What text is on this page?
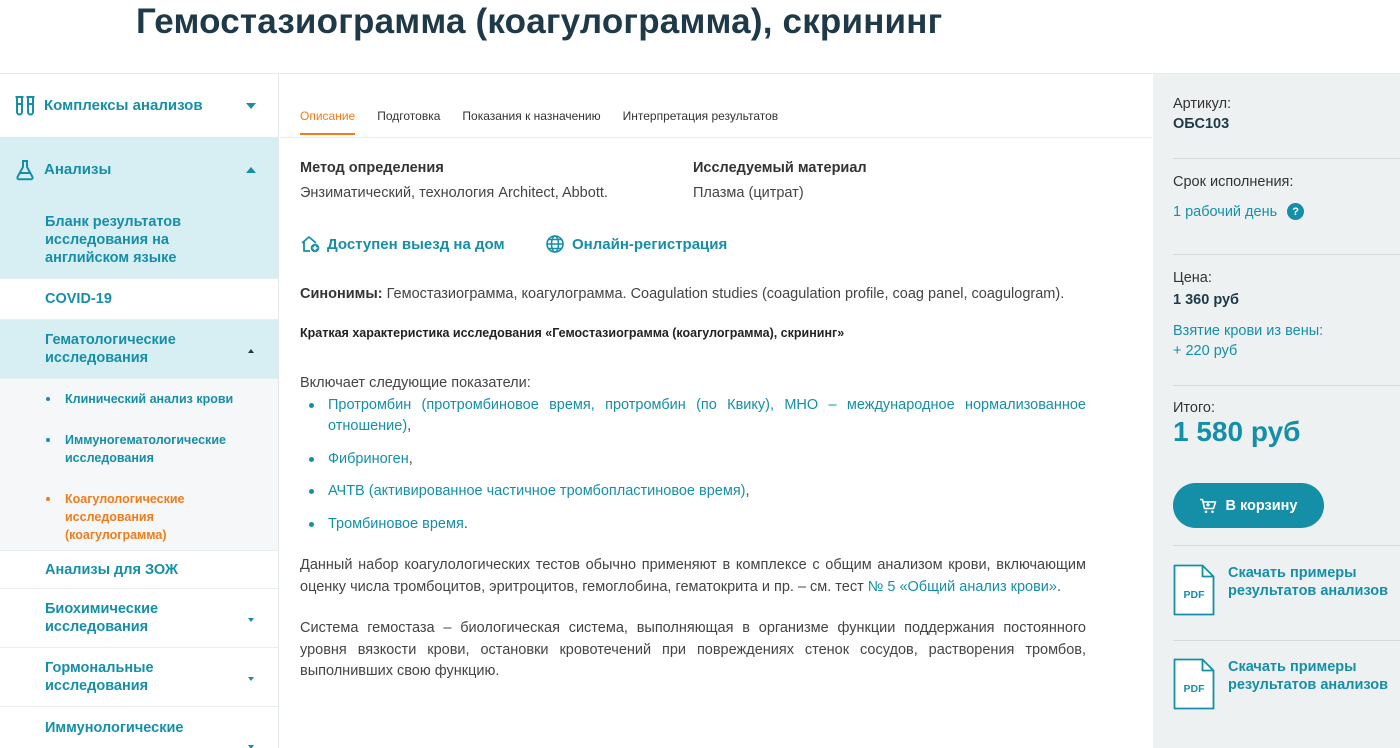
Гемостазиограмма (коагулограмма), скрининг
Комплексы анализов
Анализы
Бланк результатов исследования на английском языке
COVID-19
Гематологические исследования
Клинический анализ крови
Иммуногематологические исследования
Коагулологические исследования (коагулограмма)
Анализы для ЗОЖ
Биохимические исследования
Гормональные исследования
Иммунологические
Описание Подготовка Показания к назначению Интерпретация результатов
Метод определения
Энзиматический, технология Architect, Abbott.
Исследуемый материал
Плазма (цитрат)
Доступен выезд на дом	Онлайн-регистрация

Синонимы: Гемостазиограмма, коагулограмма. Coagulation studies (coagulation profile, coag panel, coagulogram).

Краткая характеристика исследования «Гемостазиограмма (коагулограмма), скрининг»

Включает следующие показатели:

Протромбин (протромбиновое время, протромбин (по Квику), МНО – международное нормализованное отношение),
Фибриноген,
АЧТВ (активированное частичное тромбопластиновое время),
Тромбиновое время.

Данный набор коагулологических тестов обычно применяют в комплексе с общим анализом крови, включающим оценку числа тромбоцитов, эритроцитов, гемоглобина, гематокрита и пр. – см. тест № 5 «Общий анализ крови».

Система гемостаза – биологическая система, выполняющая в организме функции поддержания постоянного уровня вязкости крови, остановки кровотечений при повреждениях стенок сосудов, растворения тромбов, выполнивших свою функцию.

Артикул:
ОБС103
Срок исполнения:
1 рабочий день ?
Цена:
1 360 руб
Взятие крови из вены:
+ 220 руб
Итого:
1 580 руб
В корзину
PDF
Скачать примеры результатов анализов
PDF
Скачать примеры результатов анализов
